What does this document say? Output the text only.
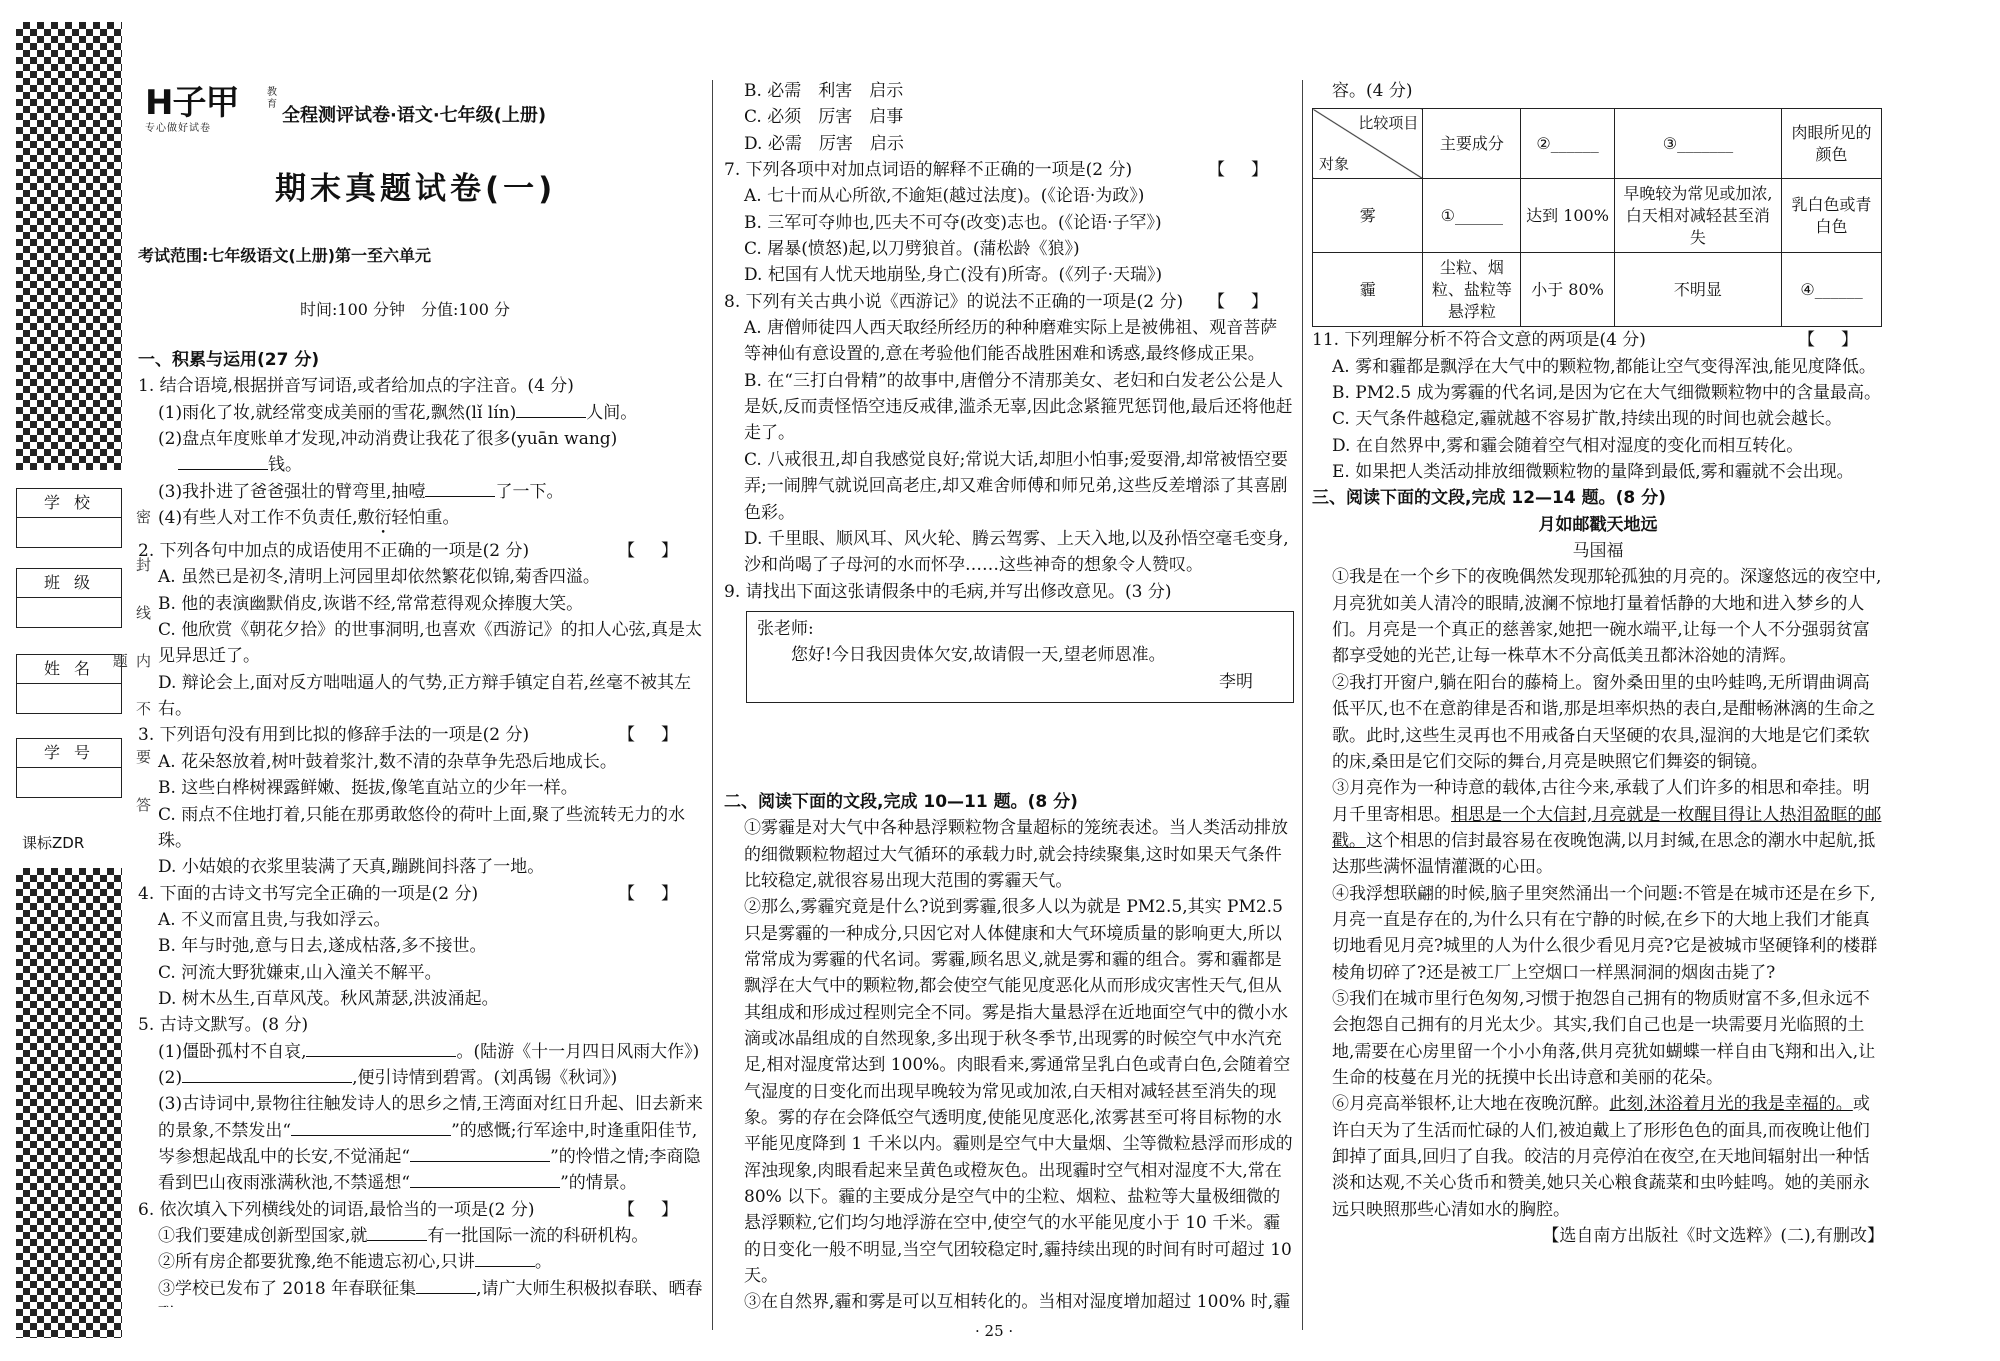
学校
班级
姓名
学号	密　封　线　内　不　要　答　题
课标ZDR
H子甲	教育
专心做好试卷
全程测评试卷·语文·七年级(上册)
期末真题试卷(一)
考试范围:七年级语文(上册)第一至六单元
时间:100 分钟　分值:100 分

一、积累与运用(27 分)

1. 结合语境,根据拼音写词语,或者给加点的字注音。(4 分)

(1)雨化了妆,就经常变成美丽的雪花,飘然(lǐ lín)	人间。

(2)盘点年度账单才发现,冲动消费让我花了很多(yuān wang)

钱。

(3)我扑进了爸爸强壮的臂弯里,抽噎	了一下。

(4)有些人对工作不负责任,敷衍轻怕重。

2. 下列各句中加点的成语使用不正确的一项是(2 分)	【】

A. 虽然已是初冬,清明上河园里却依然繁花似锦,菊香四溢。

B. 他的表演幽默俏皮,诙谐不经,常常惹得观众捧腹大笑。

C. 他欣赏《朝花夕拾》的世事洞明,也喜欢《西游记》的扣人心弦,真是太见异思迁了。

D. 辩论会上,面对反方咄咄逼人的气势,正方辩手镇定自若,丝毫不被其左右。

3. 下列语句没有用到比拟的修辞手法的一项是(2 分)	【】

A. 花朵怒放着,树叶鼓着浆汁,数不清的杂草争先恐后地成长。

B. 这些白桦树裸露鲜嫩、挺拔,像笔直站立的少年一样。

C. 雨点不住地打着,只能在那勇敢悠伶的荷叶上面,聚了些流转无力的水珠。

D. 小姑娘的衣浆里装满了天真,蹦跳间抖落了一地。

4. 下面的古诗文书写完全正确的一项是(2 分)	【】

A. 不义而富且贵,与我如浮云。

B. 年与时弛,意与日去,遂成枯落,多不接世。

C. 河流大野犹嫌束,山入潼关不解平。

D. 树木丛生,百草风茂。秋风萧瑟,洪波涌起。

5. 古诗文默写。(8 分)

(1)僵卧孤村不自哀,	。(陆游《十一月四日风雨大作》)

(2)	,便引诗情到碧霄。(刘禹锡《秋词》)

(3)古诗词中,景物往往触发诗人的思乡之情,王湾面对红日升起、旧去新来的景象,不禁发出“	”的感慨;行军途中,时逢重阳佳节,岑参想起战乱中的长安,不觉涌起“	”的怜惜之情;李商隐看到巴山夜雨涨满秋池,不禁遥想“	”的情景。

6. 依次填入下列横线处的词语,最恰当的一项是(2 分)	【】

①我们要建成创新型国家,就	有一批国际一流的科研机构。

②所有房企都要犹豫,绝不能遗忘初心,只讲	。

③学校已发布了 2018 年春联征集	,请广大师生积极拟春联、晒春

B. 必需　利害　启示

C. 必须　厉害　启事

D. 必需　厉害　启示

7. 下列各项中对加点词语的解释不正确的一项是(2 分)	【】

A. 七十而从心所欲,不逾矩(越过法度)。(《论语·为政》)

B. 三军可夺帅也,匹夫不可夺(改变)志也。(《论语·子罕》)

C. 屠暴(愤怒)起,以刀劈狼首。(蒲松龄《狼》)

D. 杞国有人忧天地崩坠,身亡(没有)所寄。(《列子·天瑞》)

8. 下列有关古典小说《西游记》的说法不正确的一项是(2 分) 【】

A. 唐僧师徒四人西天取经所经历的种种磨难实际上是被佛祖、观音菩萨等神仙有意设置的,意在考验他们能否战胜困难和诱惑,最终修成正果。

B. 在“三打白骨精”的故事中,唐僧分不清那美女、老妇和白发老公公是人是妖,反而责怪悟空违反戒律,滥杀无辜,因此念紧箍咒惩罚他,最后还将他赶走了。

C. 八戒很丑,却自我感觉良好;常说大话,却胆小怕事;爱耍滑,却常被悟空要弄;一闹脾气就说回高老庄,却又难舍师傅和师兄弟,这些反差增添了其喜剧色彩。

D. 千里眼、顺风耳、风火轮、腾云驾雾、上天入地,以及孙悟空毫毛变身,沙和尚喝了子母河的水而怀孕……这些神奇的想象令人赞叹。

9. 请找出下面这张请假条中的毛病,并写出修改意见。(3 分)

张老师:
您好!今日我因贵体欠安,故请假一天,望老师恩准。
李明

二、阅读下面的文段,完成 10—11 题。(8 分)

①雾霾是对大气中各种悬浮颗粒物含量超标的笼统表述。当人类活动排放的细微颗粒物超过大气循环的承载力时,就会持续聚集,这时如果天气条件比较稳定,就很容易出现大范围的雾霾天气。

②那么,雾霾究竟是什么?说到雾霾,很多人以为就是 PM2.5,其实 PM2.5 只是雾霾的一种成分,只因它对人体健康和大气环境质量的影响更大,所以常常成为雾霾的代名词。雾霾,顾名思义,就是雾和霾的组合。雾和霾都是飘浮在大气中的颗粒物,都会使空气能见度恶化从而形成灾害性天气,但从其组成和形成过程则完全不同。雾是指大量悬浮在近地面空气中的微小水滴或冰晶组成的自然现象,多出现于秋冬季节,出现雾的时候空气中水汽充足,相对湿度常达到 100%。肉眼看来,雾通常呈乳白色或青白色,会随着空气湿度的日变化而出现早晚较为常见或加浓,白天相对减轻甚至消失的现象。雾的存在会降低空气透明度,使能见度恶化,浓雾甚至可将目标物的水平能见度降到 1 千米以内。霾则是空气中大量烟、尘等微粒悬浮而形成的浑浊现象,肉眼看起来呈黄色或橙灰色。出现霾时空气相对湿度不大,常在 80% 以下。霾的主要成分是空气中的尘粒、烟粒、盐粒等大量极细微的悬浮颗粒,它们均匀地浮游在空中,使空气的水平能见度小于 10 千米。霾的日变化一般不明显,当空气团较稳定时,霾持续出现的时间有时可超过 10 天。

③在自然界,霾和雾是可以互相转化的。当相对湿度增加超过 100% 时,霾

容。(4 分)

比较项目
对象	主要成分	②______	③_______	肉眼所见的颜色
雾	①______	达到 100%	早晚较为常见或加浓,白天相对减轻甚至消失	乳白色或青白色
霾	尘粒、烟粒、盐粒等悬浮粒	小于 80%	不明显	④______

11. 下列理解分析不符合文意的两项是(4 分)	【】

A. 雾和霾都是飘浮在大气中的颗粒物,都能让空气变得浑浊,能见度降低。

B. PM2.5 成为雾霾的代名词,是因为它在大气细微颗粒物中的含量最高。

C. 天气条件越稳定,霾就越不容易扩散,持续出现的时间也就会越长。

D. 在自然界中,雾和霾会随着空气相对湿度的变化而相互转化。

E. 如果把人类活动排放细微颗粒物的量降到最低,雾和霾就不会出现。

三、阅读下面的文段,完成 12—14 题。(8 分)

月如邮戳天地远

马国福

①我是在一个乡下的夜晚偶然发现那轮孤独的月亮的。深邃悠远的夜空中,月亮犹如美人清冷的眼睛,波澜不惊地打量着恬静的大地和进入梦乡的人们。月亮是一个真正的慈善家,她把一碗水端平,让每一个人不分强弱贫富都享受她的光芒,让每一株草木不分高低美丑都沐浴她的清辉。

②我打开窗户,躺在阳台的藤椅上。窗外桑田里的虫吟蛙鸣,无所谓曲调高低平仄,也不在意韵律是否和谐,那是坦率炽热的表白,是酣畅淋漓的生命之歌。此时,这些生灵再也不用戒备白天坚硬的农具,湿润的大地是它们柔软的床,桑田是它们交际的舞台,月亮是映照它们舞姿的铜镜。

③月亮作为一种诗意的载体,古往今来,承载了人们许多的相思和牵挂。明月千里寄相思。相思是一个大信封,月亮就是一枚醒目得让人热泪盈眶的邮戳。这个相思的信封最容易在夜晚饱满,以月封缄,在思念的潮水中起航,抵达那些满怀温情灌溉的心田。

④我浮想联翩的时候,脑子里突然涌出一个问题:不管是在城市还是在乡下,月亮一直是存在的,为什么只有在宁静的时候,在乡下的大地上我们才能真切地看见月亮?城里的人为什么很少看见月亮?它是被城市坚硬锋利的楼群棱角切碎了?还是被工厂上空烟口一样黑洞洞的烟囱击毙了?

⑤我们在城市里行色匆匆,习惯于抱怨自己拥有的物质财富不多,但永远不会抱怨自己拥有的月光太少。其实,我们自己也是一块需要月光临照的土地,需要在心房里留一个小小角落,供月亮犹如蝴蝶一样自由飞翔和出入,让生命的枝蔓在月光的抚摸中长出诗意和美丽的花朵。

⑥月亮高举银杯,让大地在夜晚沉醉。此刻,沐浴着月光的我是幸福的。或许白天为了生活而忙碌的人们,被迫戴上了形形色色的面具,而夜晚让他们卸掉了面具,回归了自我。皎洁的月亮停泊在夜空,在天地间辐射出一种恬淡和达观,不关心货币和赞美,她只关心粮食蔬菜和虫吟蛙鸣。她的美丽永远只映照那些心清如水的胸腔。

【选自南方出版社《时文选粹》(二),有删改】

· 25 ·
